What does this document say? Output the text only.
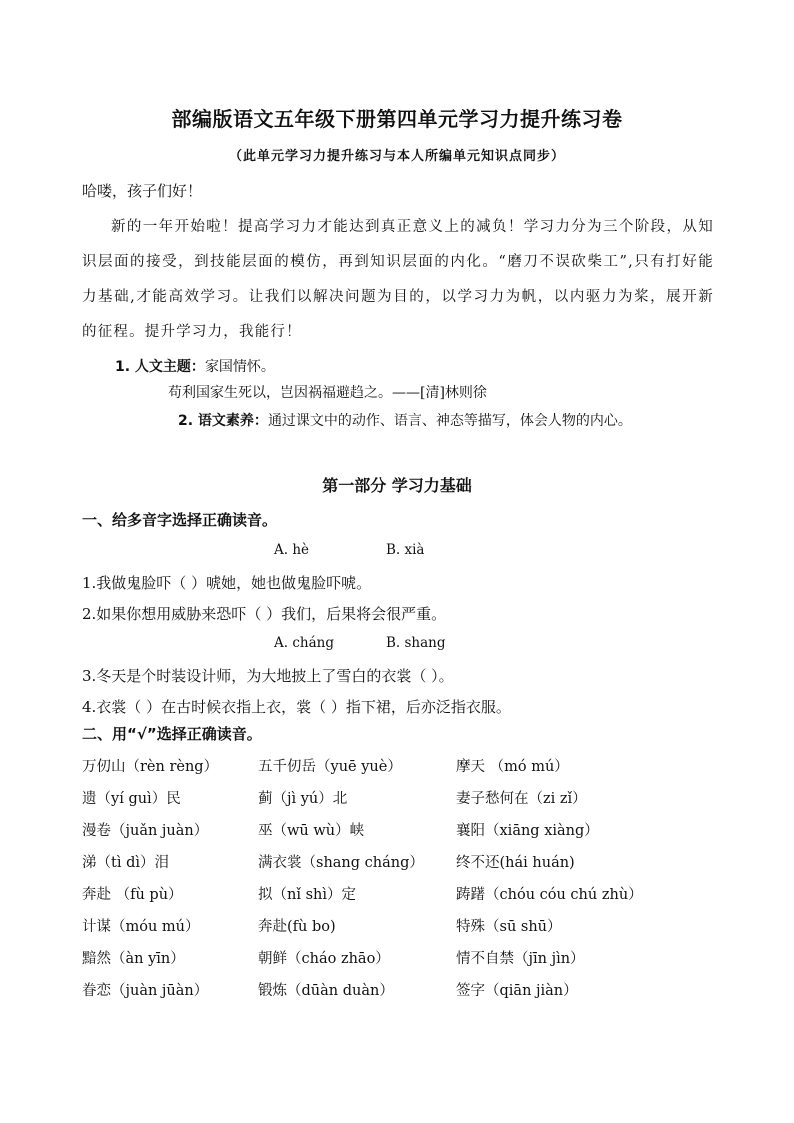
部编版语文五年级下册第四单元学习力提升练习卷
（此单元学习力提升练习与本人所编单元知识点同步）
哈喽，孩子们好！
新的一年开始啦！提高学习力才能达到真正意义上的减负！学习力分为三个阶段，从知识层面的接受，到技能层面的模仿，再到知识层面的内化。“磨刀不误砍柴工”,只有打好能力基础,才能高效学习。让我们以解决问题为目的，以学习力为帆，以内驱力为桨，展开新的征程。提升学习力，我能行！
1. 人文主题：家国情怀。
苟利国家生死以，岂因祸福避趋之。——[清]林则徐
2. 语文素养：通过课文中的动作、语言、神态等描写，体会人物的内心。
第一部分 学习力基础
一、给多音字选择正确读音。
A. hè	B. xià
1.我做鬼脸吓（ ）唬她，她也做鬼脸吓唬。
2.如果你想用威胁来恐吓（ ）我们，后果将会很严重。
A. cháng	B. shang
3.冬天是个时装设计师，为大地披上了雪白的衣裳（ ）。
4.衣裳（ ）在古时候衣指上衣，裳（ ）指下裙，后亦泛指衣服。
二、用“√”选择正确读音。
万仞山（rèn rèng）	五千仞岳（yuē yuè）	摩天 （mó mú）
遗（yí guì）民	蓟（jì yú）北	妻子愁何在（zi zǐ）
漫卷（juǎn juàn）	巫（wū wù）峡	襄阳（xiāng xiàng）
涕（tì dì）泪	满衣裳（shang cháng） 终不还(hái huán)
奔赴 （fù pù）	拟（nǐ shì）定	踌躇（chóu cóu chú zhù）
计谋（móu mú）	奔赴(fù bo)	特殊（sū shū）
黯然（àn yīn）	朝鲜（cháo zhāo）	情不自禁（jīn jìn）
眷恋（juàn jūàn）	锻炼（dūàn duàn）	签字（qiān jiàn）
